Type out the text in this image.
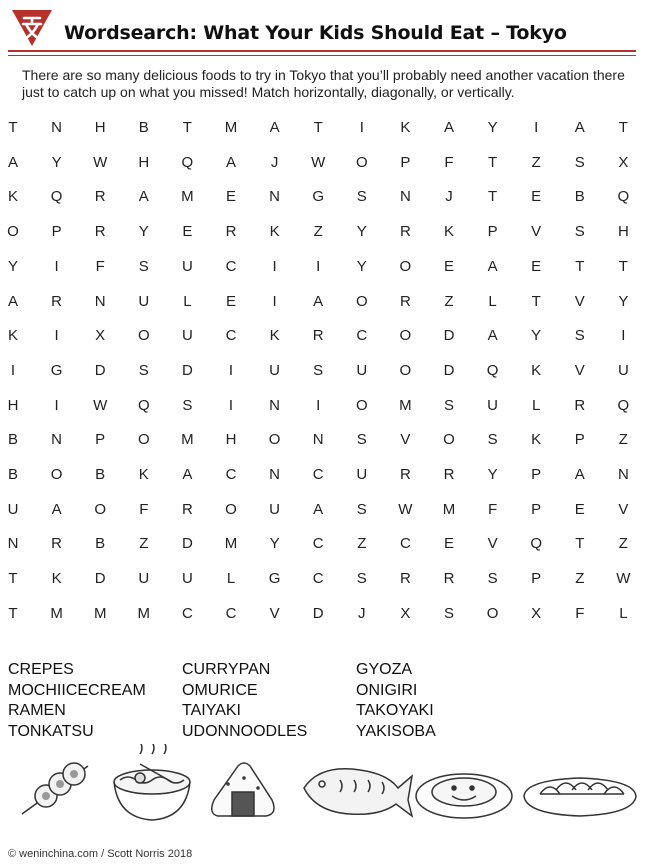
Wordsearch: What Your Kids Should Eat – Tokyo
There are so many delicious foods to try in Tokyo that you’ll probably need another vacation there just to catch up on what you missed! Match horizontally, diagonally, or vertically.
T	N	H	B	T	M	A	T	I	K	A	Y	I	A	T
A	Y	W	H	Q	A	J	W	O	P	F	T	Z	S	X
K	Q	R	A	M	E	N	G	S	N	J	T	E	B	Q
O	P	R	Y	E	R	K	Z	Y	R	K	P	V	S	H
Y	I	F	S	U	C	I	I	Y	O	E	A	E	T	T
A	R	N	U	L	E	I	A	O	R	Z	L	T	V	Y
K	I	X	O	U	C	K	R	C	O	D	A	Y	S	I
I	G	D	S	D	I	U	S	U	O	D	Q	K	V	U
H	I	W	Q	S	I	N	I	O	M	S	U	L	R	Q
B	N	P	O	M	H	O	N	S	V	O	S	K	P	Z
B	O	B	K	A	C	N	C	U	R	R	Y	P	A	N
U	A	O	F	R	O	U	A	S	W	M	F	P	E	V
N	R	B	Z	D	M	Y	C	Z	C	E	V	Q	T	Z
T	K	D	U	U	L	G	C	S	R	R	S	P	Z	W
T	M	M	M	C	C	V	D	J	X	S	O	X	F	L
CREPES	CURRYPAN	GYOZA
MOCHIICECREAM OMURICE	ONIGIRI
RAMEN	TAIYAKI	TAKOYAKI
TONKATSU	UDONNOODLES	YAKISOBA
© weninchina.com / Scott Norris 2018
